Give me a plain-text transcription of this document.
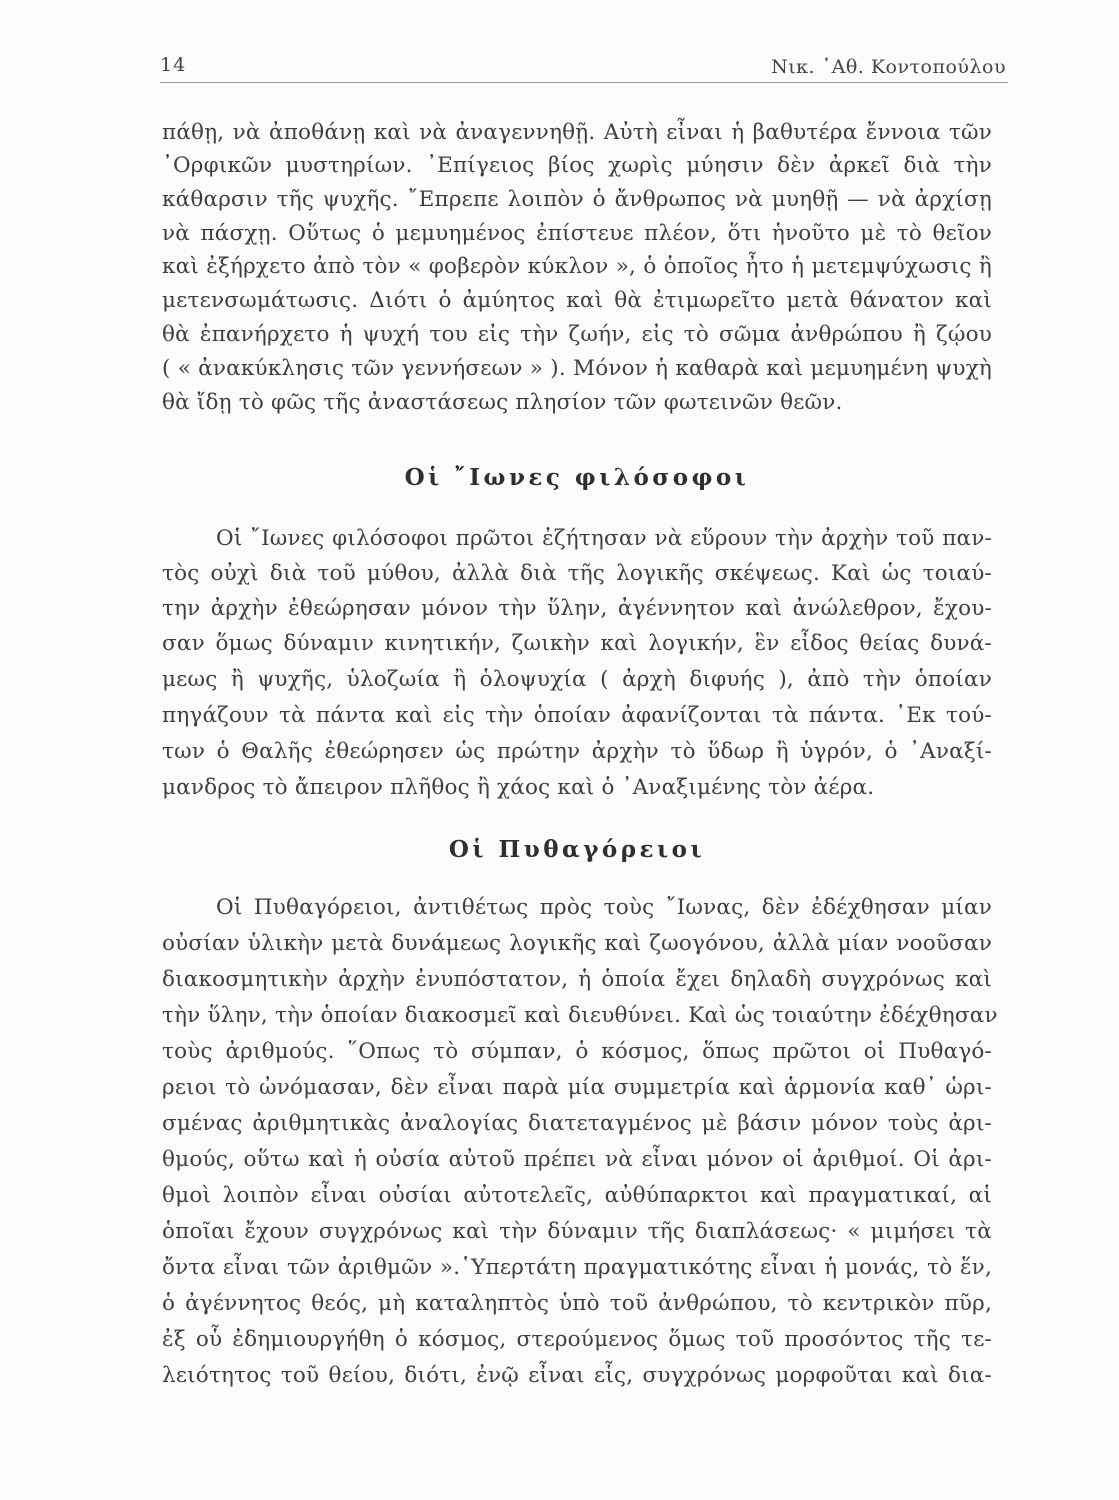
14	Νικ. ᾿Αθ. Κοντοπούλου
πάθῃ, νὰ ἀποθάνῃ καὶ νὰ ἀναγεννηθῇ. Αὐτὴ εἶναι ἡ βαθυτέρα ἔννοια τῶν
᾿Ορφικῶν μυστηρίων. ᾿Επίγειος βίος χωρὶς μύησιν δὲν ἀρκεῖ διὰ τὴν
κάθαρσιν τῆς ψυχῆς. ῎Επρεπε λοιπὸν ὁ ἄνθρωπος νὰ μυηθῇ — νὰ ἀρχίσῃ
νὰ πάσχῃ. Οὕτως ὁ μεμυημένος ἐπίστευε πλέον, ὅτι ἡνοῦτο μὲ τὸ θεῖον
καὶ ἐξήρχετο ἀπὸ τὸν « φοβερὸν κύκλον », ὁ ὁποῖος ἦτο ἡ μετεμψύχωσις ἢ
μετενσωμάτωσις. Διότι ὁ ἀμύητος καὶ θὰ ἐτιμωρεῖτο μετὰ θάνατον καὶ
θὰ ἐπανήρχετο ἡ ψυχή του εἰς τὴν ζωήν, εἰς τὸ σῶμα ἀνθρώπου ἢ ζῴου
( « ἀνακύκλησις τῶν γεννήσεων » ). Μόνον ἡ καθαρὰ καὶ μεμυημένη ψυχὴ
θὰ ἴδῃ τὸ φῶς τῆς ἀναστάσεως πλησίον τῶν φωτεινῶν θεῶν.
Οἱ ῎Ιωνες φιλόσοφοι
Οἱ ῎Ιωνες φιλόσοφοι πρῶτοι ἐζήτησαν νὰ εὕρουν τὴν ἀρχὴν τοῦ παν-
τὸς οὐχὶ διὰ τοῦ μύθου, ἀλλὰ διὰ τῆς λογικῆς σκέψεως. Καὶ ὡς τοιαύ-
την ἀρχὴν ἐθεώρησαν μόνον τὴν ὕλην, ἀγέννητον καὶ ἀνώλεθρον, ἔχου-
σαν ὅμως δύναμιν κινητικήν, ζωικὴν καὶ λογικήν, ἓν εἶδος θείας δυνά-
μεως ἢ ψυχῆς, ὑλοζωία ἢ ὁλοψυχία ( ἀρχὴ διφυής ), ἀπὸ τὴν ὁποίαν
πηγάζουν τὰ πάντα καὶ εἰς τὴν ὁποίαν ἀφανίζονται τὰ πάντα. ᾿Εκ τού-
των ὁ Θαλῆς ἐθεώρησεν ὡς πρώτην ἀρχὴν τὸ ὕδωρ ἢ ὑγρόν, ὁ ᾿Αναξί-
μανδρος τὸ ἄπειρον πλῆθος ἢ χάος καὶ ὁ ᾿Αναξιμένης τὸν ἀέρα.
Οἱ Πυθαγόρειοι
Οἱ Πυθαγόρειοι, ἀντιθέτως πρὸς τοὺς ῎Ιωνας, δὲν ἐδέχθησαν μίαν
οὐσίαν ὑλικὴν μετὰ δυνάμεως λογικῆς καὶ ζωογόνου, ἀλλὰ μίαν νοοῦσαν
διακοσμητικὴν ἀρχὴν ἐνυπόστατον, ἡ ὁποία ἔχει δηλαδὴ συγχρόνως καὶ
τὴν ὕλην, τὴν ὁποίαν διακοσμεῖ καὶ διευθύνει. Καὶ ὡς τοιαύτην ἐδέχθησαν
τοὺς ἀριθμούς. ῞Οπως τὸ σύμπαν, ὁ κόσμος, ὅπως πρῶτοι οἱ Πυθαγό-
ρειοι τὸ ὠνόμασαν, δὲν εἶναι παρὰ μία συμμετρία καὶ ἁρμονία καθ᾿ ὡρι-
σμένας ἀριθμητικὰς ἀναλογίας διατεταγμένος μὲ βάσιν μόνον τοὺς ἀρι-
θμούς, οὕτω καὶ ἡ οὐσία αὐτοῦ πρέπει νὰ εἶναι μόνον οἱ ἀριθμοί. Οἱ ἀρι-
θμοὶ λοιπὸν εἶναι οὐσίαι αὐτοτελεῖς, αὐθύπαρκτοι καὶ πραγματικαί, αἱ
ὁποῖαι ἔχουν συγχρόνως καὶ τὴν δύναμιν τῆς διαπλάσεως· « μιμήσει τὰ
ὄντα εἶναι τῶν ἀριθμῶν ».῾Υπερτάτη πραγματικότης εἶναι ἡ μονάς, τὸ ἕν,
ὁ ἀγέννητος θεός, μὴ καταληπτὸς ὑπὸ τοῦ ἀνθρώπου, τὸ κεντρικὸν πῦρ,
ἐξ οὗ ἐδημιουργήθη ὁ κόσμος, στερούμενος ὅμως τοῦ προσόντος τῆς τε-
λειότητος τοῦ θείου, διότι, ἐνῷ εἶναι εἷς, συγχρόνως μορφοῦται καὶ δια-
